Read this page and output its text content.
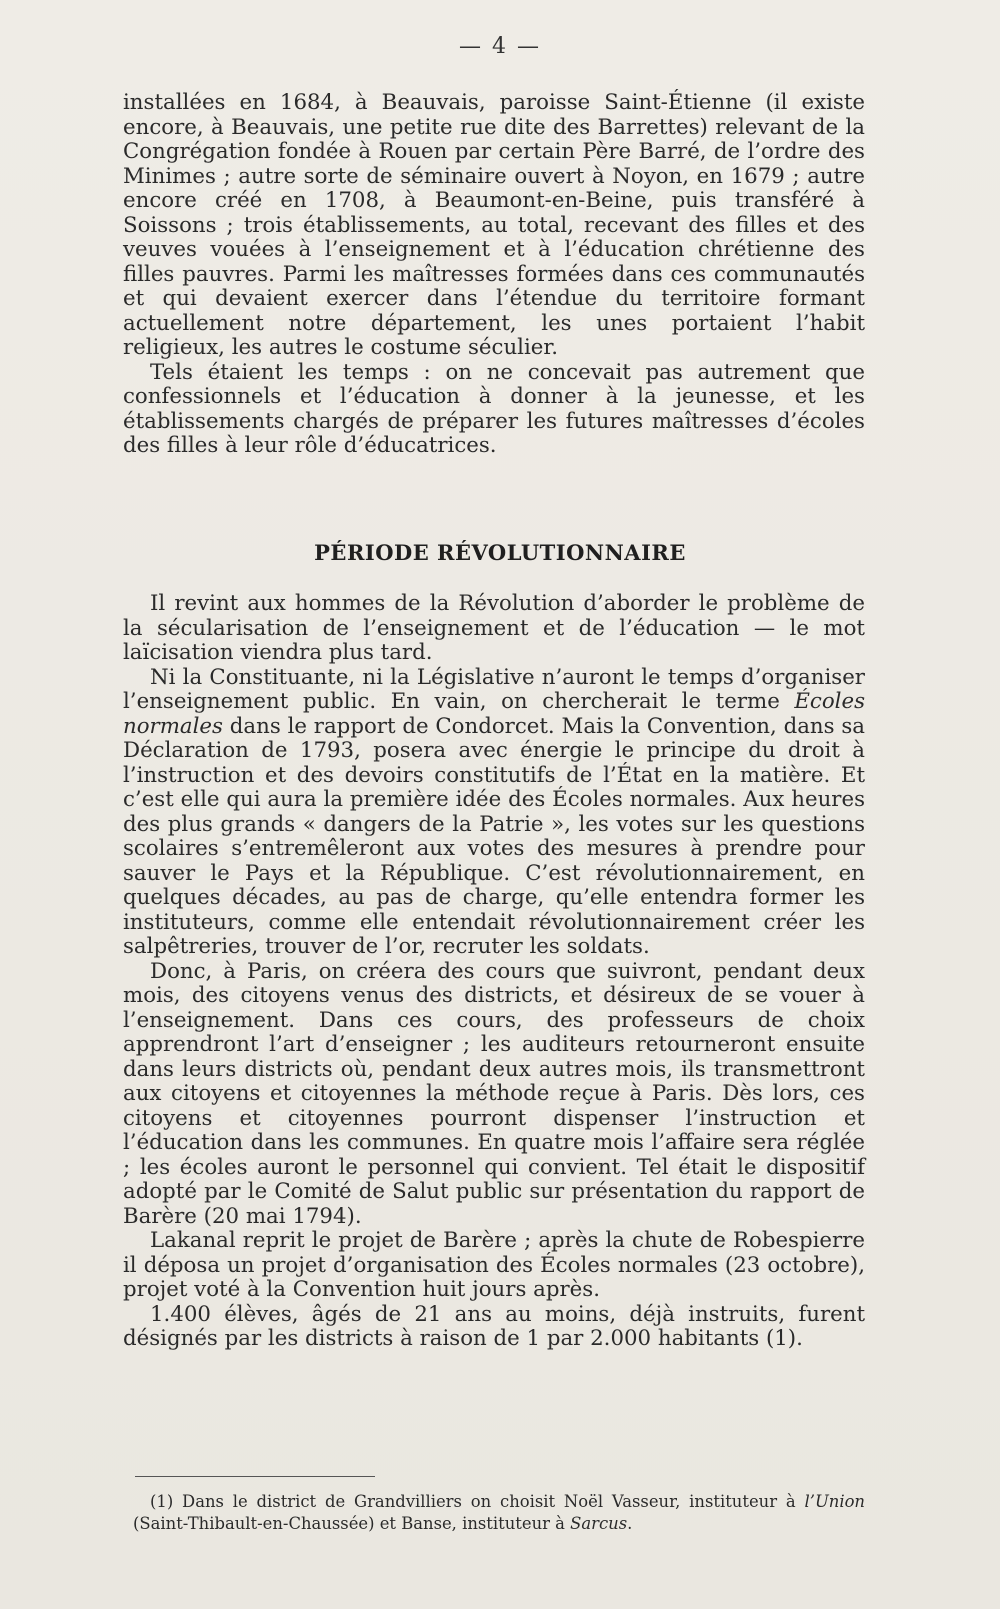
— 4 —

installées en 1684, à Beauvais, paroisse Saint-Étienne (il existe encore, à Beauvais, une petite rue dite des Barrettes) relevant de la Congrégation fondée à Rouen par certain Père Barré, de l’ordre des Minimes ; autre sorte de séminaire ouvert à Noyon, en 1679 ; autre encore créé en 1708, à Beaumont-en-Beine, puis transféré à Soissons ; trois établissements, au total, recevant des filles et des veuves vouées à l’enseignement et à l’éducation chrétienne des filles pauvres. Parmi les maîtresses formées dans ces communautés et qui devaient exercer dans l’étendue du territoire formant actuellement notre département, les unes portaient l’habit religieux, les autres le costume séculier.

Tels étaient les temps : on ne concevait pas autrement que confessionnels et l’éducation à donner à la jeunesse, et les établissements chargés de préparer les futures maîtresses d’écoles des filles à leur rôle d’éducatrices.

PÉRIODE RÉVOLUTIONNAIRE

Il revint aux hommes de la Révolution d’aborder le problème de la sécularisation de l’enseignement et de l’éducation — le mot laïcisation viendra plus tard.

Ni la Constituante, ni la Législative n’auront le temps d’organiser l’enseignement public. En vain, on chercherait le terme Écoles normales dans le rapport de Condorcet. Mais la Convention, dans sa Déclaration de 1793, posera avec énergie le principe du droit à l’instruction et des devoirs constitutifs de l’État en la matière. Et c’est elle qui aura la première idée des Écoles normales. Aux heures des plus grands « dangers de la Patrie », les votes sur les questions scolaires s’entremêleront aux votes des mesures à prendre pour sauver le Pays et la République. C’est révolutionnairement, en quelques décades, au pas de charge, qu’elle entendra former les instituteurs, comme elle entendait révolutionnairement créer les salpêtreries, trouver de l’or, recruter les soldats.

Donc, à Paris, on créera des cours que suivront, pendant deux mois, des citoyens venus des districts, et désireux de se vouer à l’enseignement. Dans ces cours, des professeurs de choix apprendront l’art d’enseigner ; les auditeurs retourneront ensuite dans leurs districts où, pendant deux autres mois, ils transmettront aux citoyens et citoyennes la méthode reçue à Paris. Dès lors, ces citoyens et citoyennes pourront dispenser l’instruction et l’éducation dans les communes. En quatre mois l’affaire sera réglée ; les écoles auront le personnel qui convient. Tel était le dispositif adopté par le Comité de Salut public sur présentation du rapport de Barère (20 mai 1794).

Lakanal reprit le projet de Barère ; après la chute de Robespierre il déposa un projet d’organisation des Écoles normales (23 octobre), projet voté à la Convention huit jours après.

1.400 élèves, âgés de 21 ans au moins, déjà instruits, furent désignés par les districts à raison de 1 par 2.000 habitants (1).

(1) Dans le district de Grandvilliers on choisit Noël Vasseur, instituteur à l’Union (Saint-Thibault-en-Chaussée) et Banse, instituteur à Sarcus.
